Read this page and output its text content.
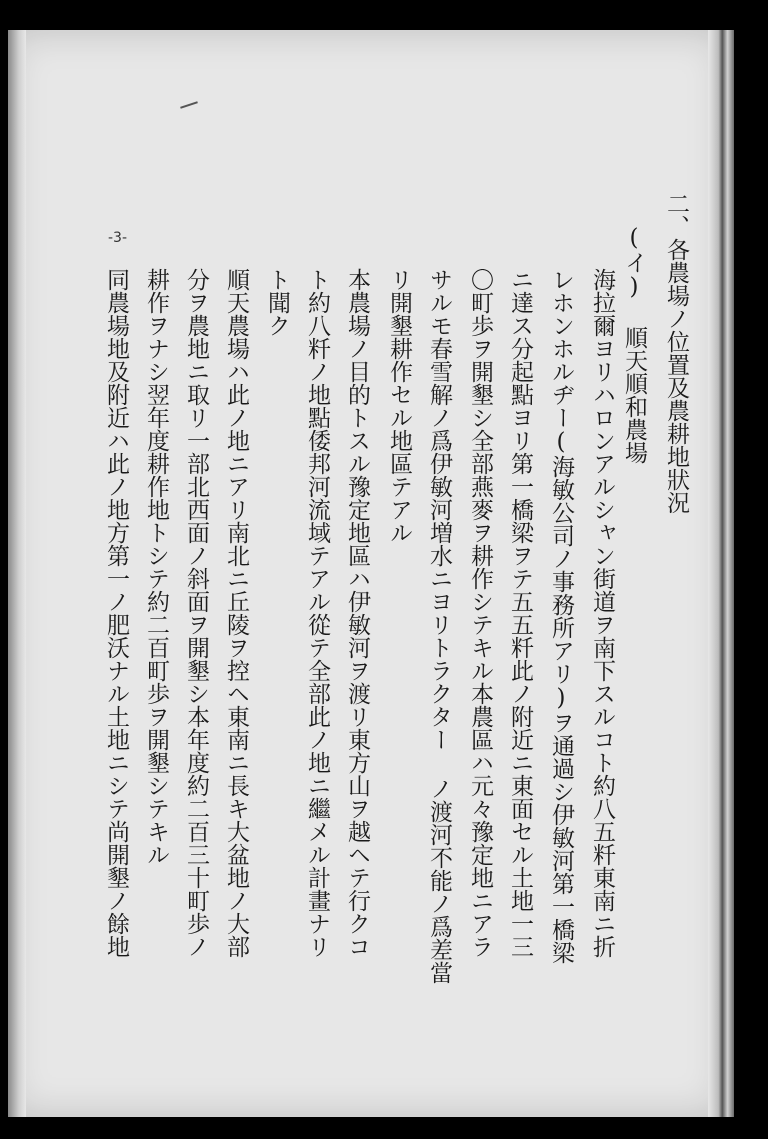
-3-	二、各農場ノ位置及農耕地狀況
(イ) 順天順和農場
海拉爾ヨリハロンアルシャン街道ヲ南下スルコト約八五粁東南ニ折
レホンホルヂー(海敏公司ノ事務所アリ)ヲ通過シ伊敏河第一橋梁
ニ達ス分起點ヨリ第一橋梁ヲテ五五粁此ノ附近ニ東面セル土地一三
〇町歩ヲ開墾シ全部燕麥ヲ耕作シテキル本農區ハ元々豫定地ニアラ
サルモ春雪解ノ爲伊敏河増水ニヨリトラクター ノ渡河不能ノ爲差當
リ開墾耕作セル地區テアル
本農場ノ目的トスル豫定地區ハ伊敏河ヲ渡リ東方山ヲ越ヘテ行クコ
ト約八粁ノ地點倭邦河流域テアル從テ全部此ノ地ニ繼メル計畫ナリ
ト聞ク
順天農場ハ此ノ地ニアリ南北ニ丘陵ヲ控ヘ東南ニ長キ大盆地ノ大部
分ヲ農地ニ取リ一部北西面ノ斜面ヲ開墾シ本年度約二百三十町歩ノ
耕作ヲナシ翌年度耕作地トシテ約二百町歩ヲ開墾シテキル
同農場地及附近ハ此ノ地方第一ノ肥沃ナル土地ニシテ尚開墾ノ餘地
